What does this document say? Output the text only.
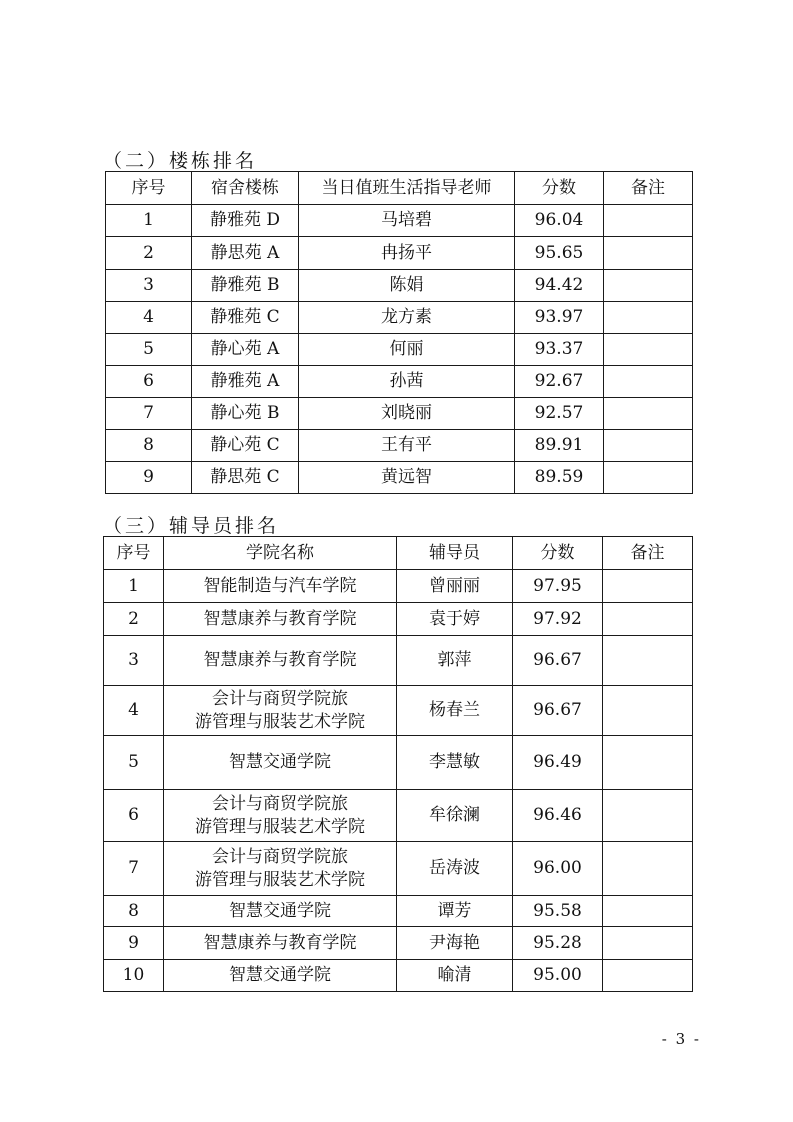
（二）楼栋排名
序号	宿舍楼栋	当日值班生活指导老师	分数	备注
1	静雅苑 D	马培碧	96.04	
2	静思苑 A	冉扬平	95.65	
3	静雅苑 B	陈娟	94.42	
4	静雅苑 C	龙方素	93.97	
5	静心苑 A	何丽	93.37	
6	静雅苑 A	孙茜	92.67	
7	静心苑 B	刘晓丽	92.57	
8	静心苑 C	王有平	89.91	
9	静思苑 C	黄远智	89.59	
（三）辅导员排名
序号	学院名称	辅导员	分数	备注
1	智能制造与汽车学院	曾丽丽	97.95	
2	智慧康养与教育学院	袁于婷	97.92	
3	智慧康养与教育学院	郭萍	96.67	
4	会计与商贸学院旅
游管理与服装艺术学院	杨春兰	96.67	
5	智慧交通学院	李慧敏	96.49	
6	会计与商贸学院旅
游管理与服装艺术学院	牟徐澜	96.46	
7	会计与商贸学院旅
游管理与服装艺术学院	岳涛波	96.00	
8	智慧交通学院	谭芳	95.58	
9	智慧康养与教育学院	尹海艳	95.28	
10	智慧交通学院	喻清	95.00	
- 3 -
